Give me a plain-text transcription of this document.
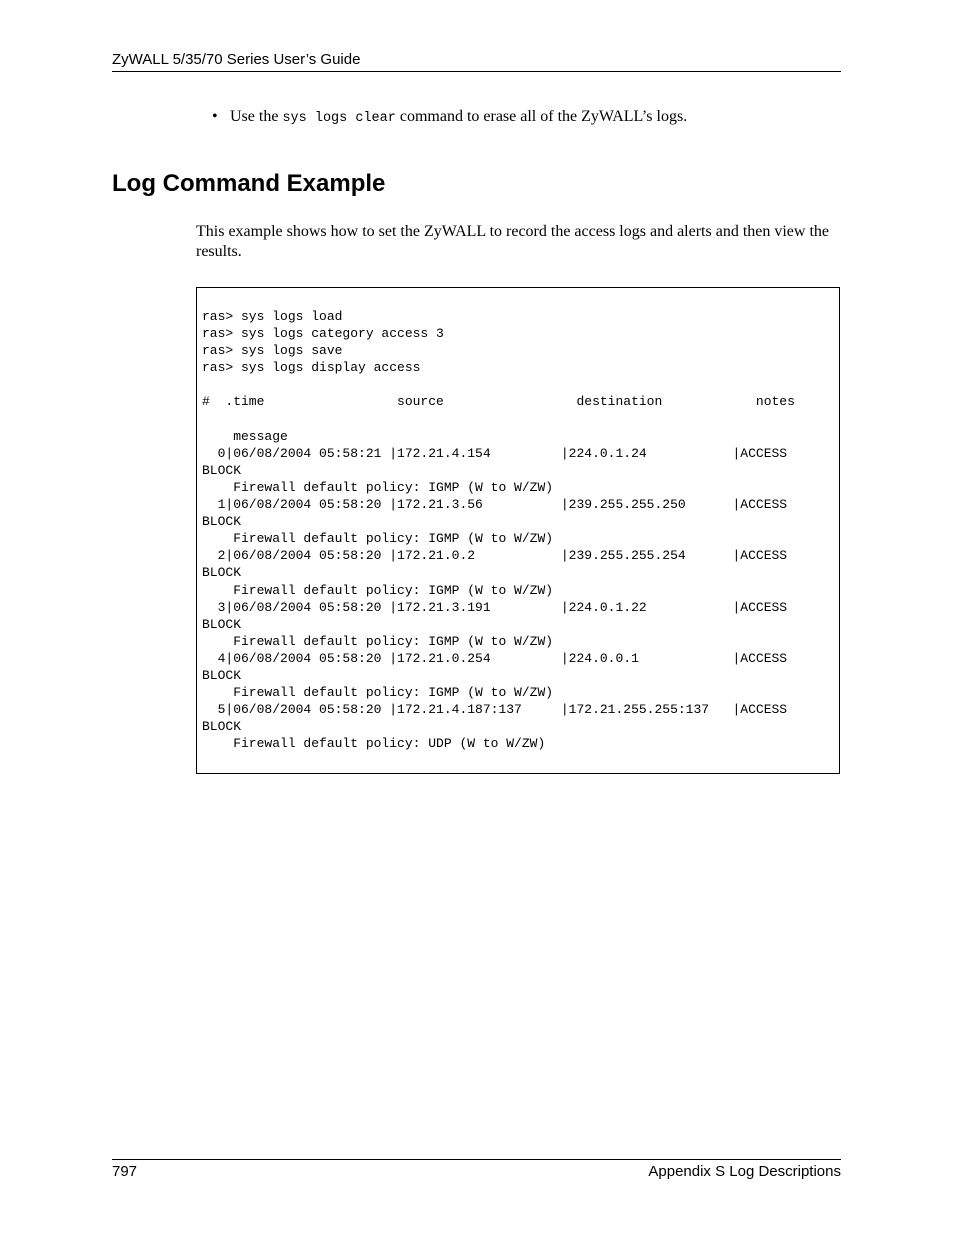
ZyWALL 5/35/70 Series User’s Guide
• Use the sys logs clear command to erase all of the ZyWALL’s logs.
Log Command Example

This example shows how to set the ZyWALL to record the access logs and alerts and then view the results.

ras> sys logs load
ras> sys logs category access 3
ras> sys logs save
ras> sys logs display access

#  .time                 source                 destination            notes

message
0|06/08/2004 05:58:21 |172.21.4.154         |224.0.1.24           |ACCESS
BLOCK
Firewall default policy: IGMP (W to W/ZW)
1|06/08/2004 05:58:20 |172.21.3.56          |239.255.255.250      |ACCESS
BLOCK
Firewall default policy: IGMP (W to W/ZW)
2|06/08/2004 05:58:20 |172.21.0.2           |239.255.255.254      |ACCESS
BLOCK
Firewall default policy: IGMP (W to W/ZW)
3|06/08/2004 05:58:20 |172.21.3.191         |224.0.1.22           |ACCESS
BLOCK
Firewall default policy: IGMP (W to W/ZW)
4|06/08/2004 05:58:20 |172.21.0.254         |224.0.0.1            |ACCESS
BLOCK
Firewall default policy: IGMP (W to W/ZW)
5|06/08/2004 05:58:20 |172.21.4.187:137     |172.21.255.255:137   |ACCESS
BLOCK
Firewall default policy: UDP (W to W/ZW)

797	Appendix S Log Descriptions
